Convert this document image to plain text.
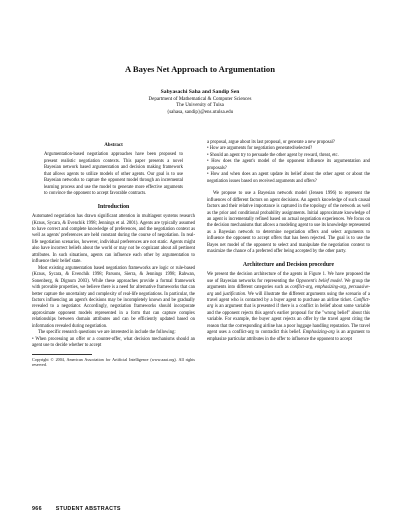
A Bayes Net Approach to Argumentation
Sabyasachi Saha and Sandip Sen
Department of Mathematical & Computer Sciences
The University of Tulsa
{sahasa, sandip}@ens.utulsa.edu
Abstract

Argumentation-based negotiation approaches have been proposed to present realistic negotiation contexts. This paper presents a novel Bayesian network based argumentation and decision making framework that allows agents to utilize models of other agents. Our goal is to use Bayesian networks to capture the opponent model through an incremental learning process and use the model to generate more effective arguments to convince the opponent to accept favorable contracts.

Introduction

Automated negotiation has drawn significant attention in multiagent systems research (Kraus, Sycara, & Evenchik 1998; Jennings et al. 2001). Agents are typically assumed to have correct and complete knowledge of preferences, and the negotiation context as well as agents' preferences are held constant during the course of negotiation. In real-life negotiation scenarios, however, individual preferences are not static. Agents might also have incorrect beliefs about the world or may not be cognizant about all pertinent attributes. In such situations, agents can influence each other by argumentation to influence their belief state.

Most existing argumentation based negotiation frameworks are logic or rule-based (Kraus, Sycara, & Evenchik 1998; Parsons, Sierra, & Jennings 1998; Rahwan, Sonenberg, & Dignum 2003). While these approaches provide a formal framework with provable properties, we believe there is a need for alternative frameworks that can better capture the uncertainty and complexity of real-life negotiations. In particular, the factors influencing an agent's decisions may be incompletely known and be gradually revealed to a negotiator. Accordingly, negotiation frameworks should incorporate approximate opponent models represented in a form that can capture complex relationships between domain attributes and can be efficiently updated based on information revealed during negotiation.

The specific research questions we are interested in include the following:

• When processing an offer or a counter-offer, what decision mechanisms should an agent use to decide whether to accept

Copyright © 2004, American Association for Artificial Intelligence (www.aaai.org). All rights reserved.

a proposal, argue about its last proposal, or generate a new proposal?

• How are arguments for negotiation generated/selected?

• Should an agent try to persuade the other agent by reward, threat, etc.

• How does the agent's model of the opponent influence its argumentation and proposals?

• How and when does an agent update its belief about the other agent or about the negotiation issues based on received arguments and offers?

We propose to use a Bayesian network model (Jensen 1996) to represent the influences of different factors on agent decisions. An agent's knowledge of such causal factors and their relative importance is captured in the topology of the network as well as the prior and conditional probability assignments. Initial approximate knowledge of an agent is incrementally refined based on actual negotiation experiences. We focus on the decision mechanisms that allows a modeling agent to use its knowledge represented as a Bayesian network to determine negotiation offers and select arguments to influence the opponent to accept offers that has been rejected. The goal is to use the Bayes net model of the opponent to select and manipulate the negotiation context to maximize the chance of a preferred offer being accepted by the other party.

Architecture and Decision procedure

We present the decision architecture of the agents in Figure 1. We have proposed the use of Bayesian networks for representing the Opponent's belief model. We group the arguments into different categories such as conflict-arg, emphasizing-arg, persuasive-arg and justification. We will illustrate the different arguments using the scenario of a travel agent who is contacted by a buyer agent to purchase an airline ticket. Conflict-arg is an argument that is presented if there is a conflict in belief about some variable and the opponent rejects this agent's earlier proposal for the "wrong belief" about this variable. For example, the buyer agent rejects an offer by the travel agent citing the reason that the corresponding airline has a poor luggage handling reputation. The travel agent uses a conflict-arg to contradict this belief. Emphasizing-arg is an argument to emphasize particular attributes in the offer to influence the opponent to accept

966	STUDENT ABSTRACTS
